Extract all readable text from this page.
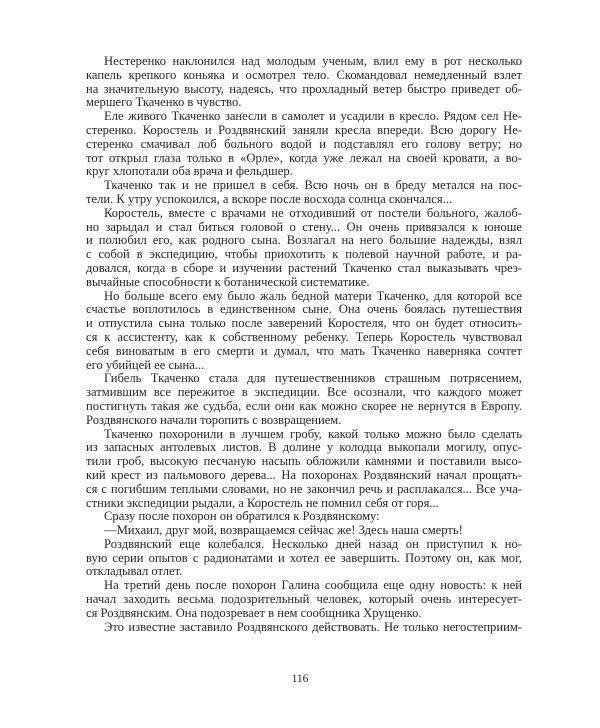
Нестеренко наклонился над молодым ученым, влил ему в рот несколько
капель крепкого коньяка и осмотрел тело. Скомандовал немедленный взлет
на значительную высоту, надеясь, что прохладный ветер быстро приведет об-
мершего Ткаченко в чувство.
Еле живого Ткаченко занесли в самолет и усадили в кресло. Рядом сел Не-
стеренко. Коростель и Роздвянский заняли кресла впереди. Всю дорогу Не-
стеренко смачивал лоб больного водой и подставлял его голову ветру; но
тот открыл глаза только в «Орле», когда уже лежал на своей кровати, а во-
круг хлопотали оба врача и фельдшер.
Ткаченко так и не пришел в себя. Всю ночь он в бреду метался на пос-
тели. К утру успокоился, а вскоре после восхода солнца скончался...
Коростель, вместе с врачами не отходивший от постели больного, жалоб-
но зарыдал и стал биться головой о стену... Он очень привязался к юноше
и полюбил его, как родного сына. Возлагал на него большие надежды, взял
с собой в экспедицию, чтобы приохотить к полевой научной работе, и ра-
довался, когда в сборе и изучении растений Ткаченко стал выказывать чрез-
вычайные способности к ботанической систематике.
Но больше всего ему было жаль бедной матери Ткаченко, для которой все
счастье воплотилось в единственном сыне. Она очень боялась путешествия
и отпустила сына только после заверений Коростеля, что он будет относить-
ся к ассистенту, как к собственному ребенку. Теперь Коростель чувствовал
себя виноватым в его смерти и думал, что мать Ткаченко наверняка сочтет
его убийцей ее сына...
Гибель Ткаченко стала для путешественников страшным потрясением,
затмившим все пережитое в экспедиции. Все осознали, что каждого может
постигнуть такая же судьба, если они как можно скорее не вернутся в Европу.
Роздвянского начали торопить с возвращением.
Ткаченко похоронили в лучшем гробу, какой только можно было сделать
из запасных антолевых листов. В долине у колодца выкопали могилу, опус-
тили гроб, высокую песчаную насыпь обложили камнями и поставили высо-
кий крест из пальмового дерева... На похоронах Роздвянский начал прощать-
ся с погибшим теплыми словами, но не закончил речь и расплакался... Все уча-
стники экспедиции рыдали, а Коростель не помнил себя от горя...
Сразу после похорон он обратился к Роздвянскому:
—Михаил, друг мой, возвращаемся сейчас же! Здесь наша смерть!
Роздвянский еще колебался. Несколько дней назад он приступил к но-
вую серии опытов с радионатами и хотел ее завершить. Поэтому он, как мог,
откладывал отлет.
На третий день после похорон Галина сообщила еще одну новость: к ней
начал заходить весьма подозрительный человек, который очень интересует-
ся Роздвянским. Она подозревает в нем сообщника Хрущенко.
Это известие заставило Роздвянского действовать. Не только негостеприим-
116
